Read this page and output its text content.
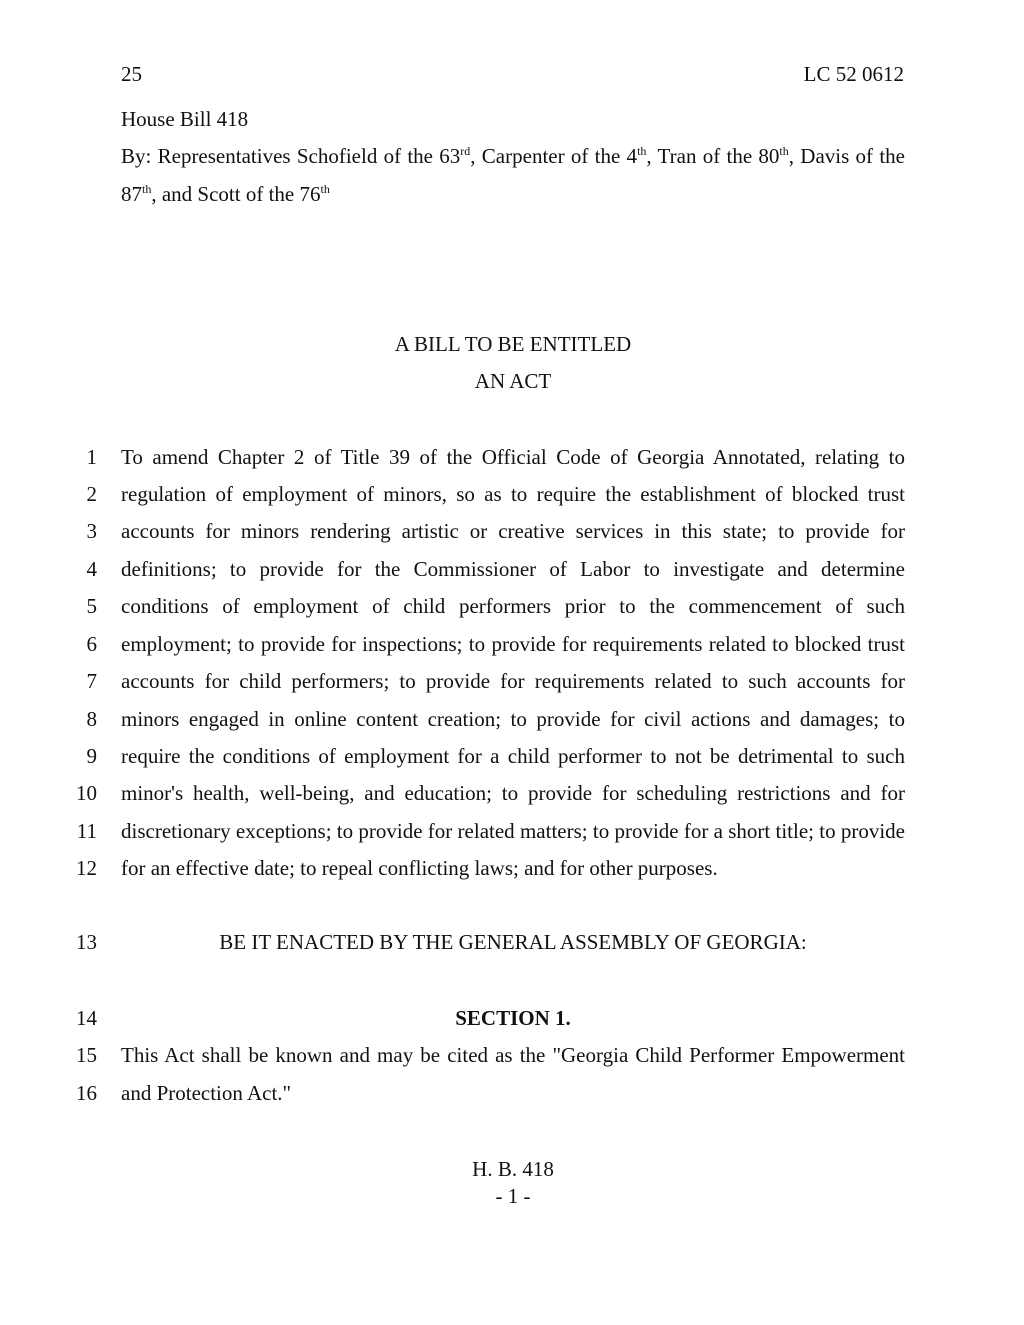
25	LC 52 0612
House Bill 418
By: Representatives Schofield of the 63rd, Carpenter of the 4th, Tran of the 80th, Davis of the
87th, and Scott of the 76th
A BILL TO BE ENTITLED
AN ACT
1 To amend Chapter 2 of Title 39 of the Official Code of Georgia Annotated, relating to
2 regulation of employment of minors, so as to require the establishment of blocked trust
3 accounts for minors rendering artistic or creative services in this state; to provide for
4 definitions; to provide for the Commissioner of Labor to investigate and determine
5 conditions of employment of child performers prior to the commencement of such
6 employment; to provide for inspections; to provide for requirements related to blocked trust
7 accounts for child performers; to provide for requirements related to such accounts for
8 minors engaged in online content creation; to provide for civil actions and damages; to
9 require the conditions of employment for a child performer to not be detrimental to such
10 minor's health, well-being, and education; to provide for scheduling restrictions and for
11 discretionary exceptions; to provide for related matters; to provide for a short title; to provide
12 for an effective date; to repeal conflicting laws; and for other purposes.
13	BE IT ENACTED BY THE GENERAL ASSEMBLY OF GEORGIA:
14	SECTION 1.
15 This Act shall be known and may be cited as the "Georgia Child Performer Empowerment
16 and Protection Act."
H. B. 418
- 1 -
